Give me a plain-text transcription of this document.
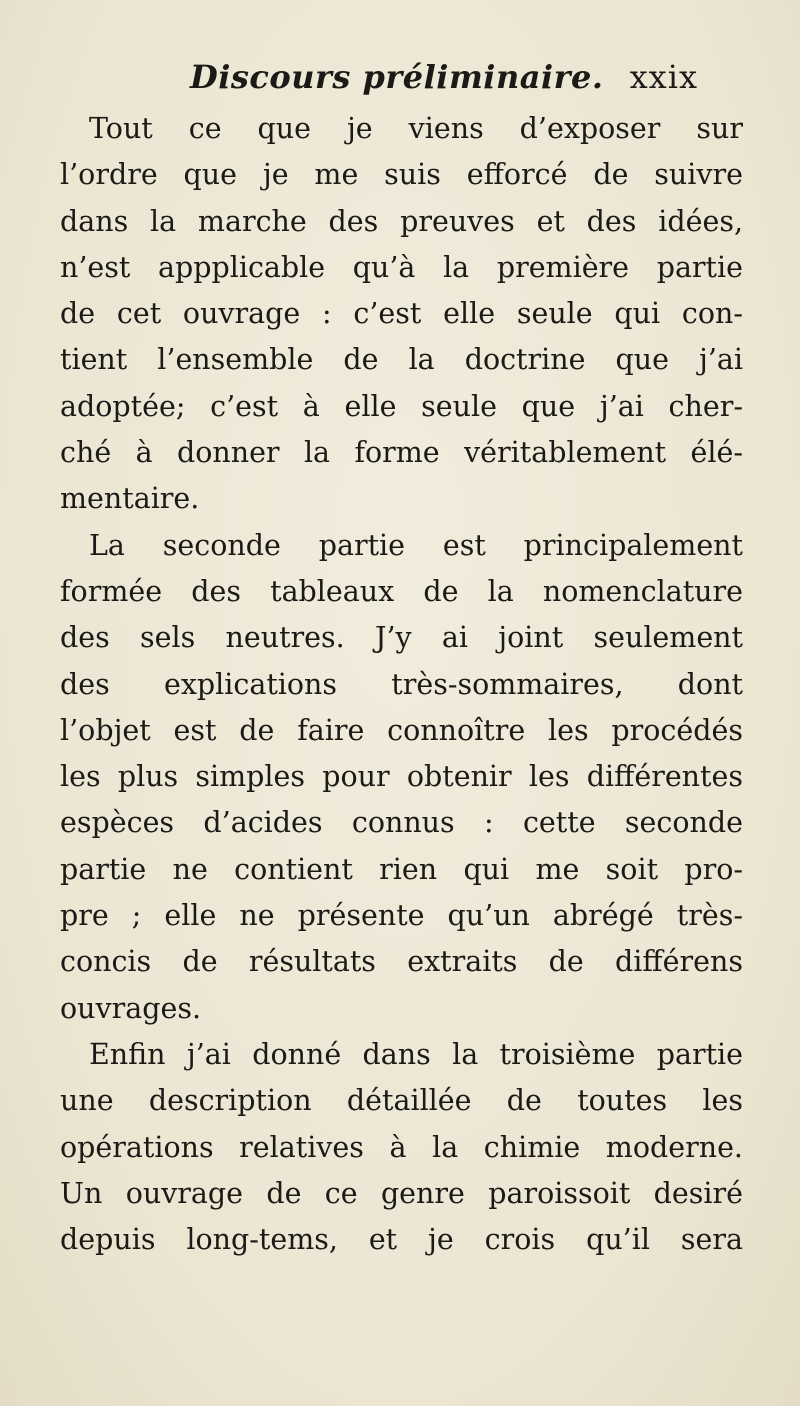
Discours préliminaire. xxix
Tout ce que je viens d’exposer sur
l’ordre que je me suis efforcé de suivre
dans la marche des preuves et des idées,
n’est appplicable qu’à la première partie
de cet ouvrage : c’est elle seule qui con-
tient l’ensemble de la doctrine que j’ai
adoptée; c’est à elle seule que j’ai cher-
ché à donner la forme véritablement élé-
mentaire.
La seconde partie est principalement
formée des tableaux de la nomenclature
des sels neutres. J’y ai joint seulement
des explications très-sommaires, dont
l’objet est de faire connoître les procédés
les plus simples pour obtenir les différentes
espèces d’acides connus : cette seconde
partie ne contient rien qui me soit pro-
pre ; elle ne présente qu’un abrégé très-
concis de résultats extraits de différens
ouvrages.
Enfin j’ai donné dans la troisième partie
une description détaillée de toutes les
opérations relatives à la chimie moderne.
Un ouvrage de ce genre paroissoit desiré
depuis long-tems, et je crois qu’il sera
